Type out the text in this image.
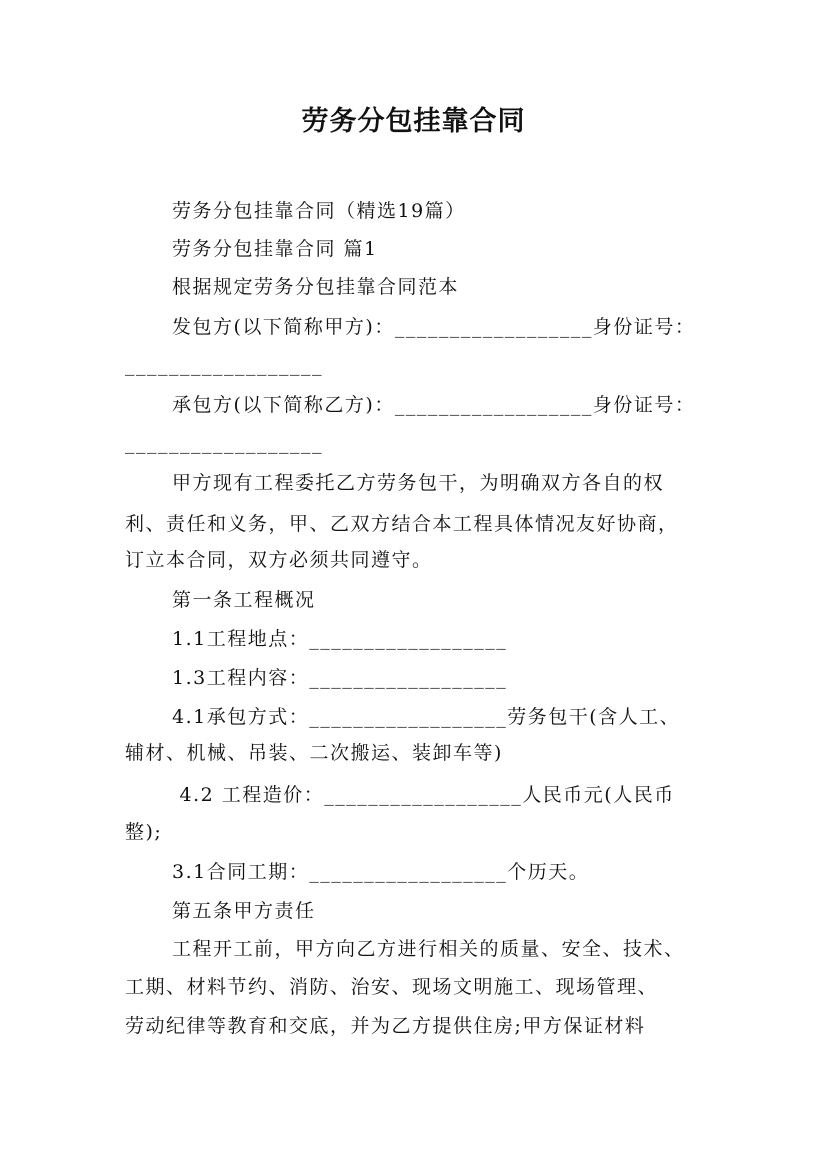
劳务分包挂靠合同
劳务分包挂靠合同（精选19篇）
劳务分包挂靠合同 篇1
根据规定劳务分包挂靠合同范本
发包方(以下简称甲方)：__________________身份证号：
__________________
承包方(以下简称乙方)：__________________身份证号：
__________________
甲方现有工程委托乙方劳务包干，为明确双方各自的权
利、责任和义务，甲、乙双方结合本工程具体情况友好协商，
订立本合同，双方必须共同遵守。
第一条工程概况
1.1工程地点：__________________
1.3工程内容：__________________
4.1承包方式：__________________劳务包干(含人工、
辅材、机械、吊装、二次搬运、装卸车等)
4.2 工程造价：__________________人民币元(人民币
整);
3.1合同工期：__________________个历天。
第五条甲方责任
工程开工前，甲方向乙方进行相关的质量、安全、技术、
工期、材料节约、消防、治安、现场文明施工、现场管理、
劳动纪律等教育和交底，并为乙方提供住房;甲方保证材料
